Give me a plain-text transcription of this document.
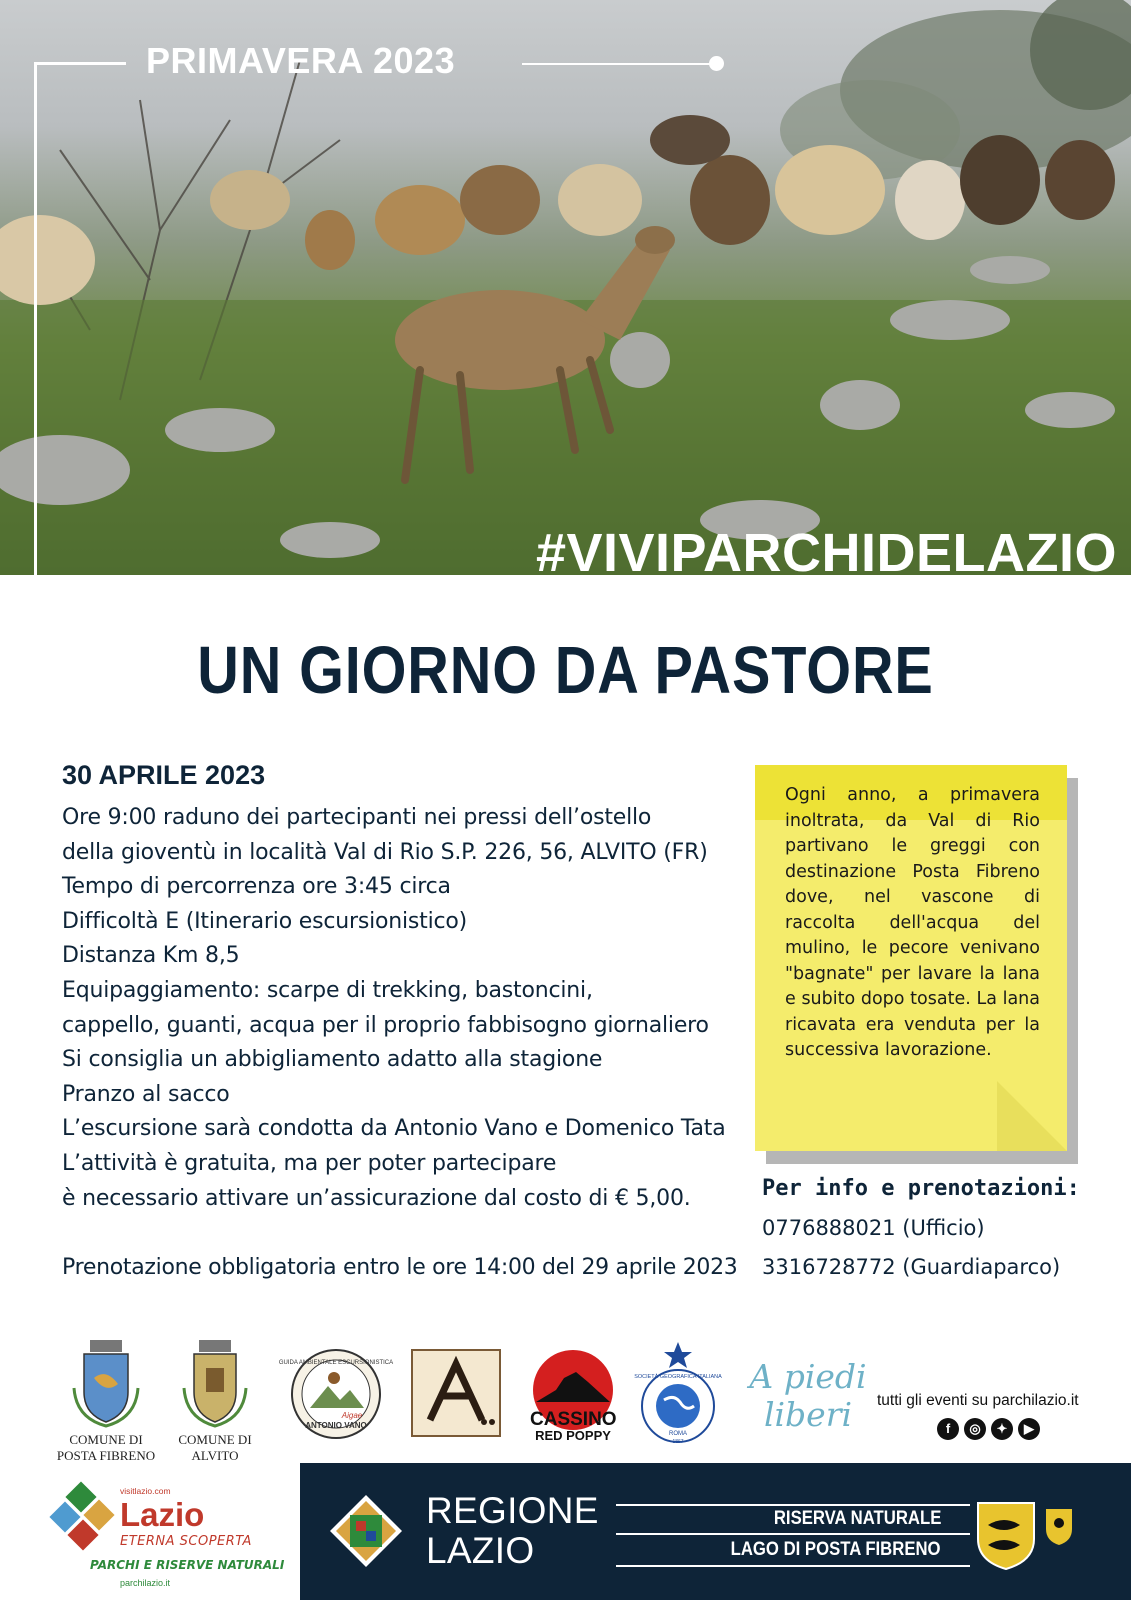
PRIMAVERA 2023
#VIVIPARCHIDELAZIO
UN GIORNO DA PASTORE
30 APRILE 2023
Ore 9:00 raduno dei partecipanti nei pressi dell’ostello
della gioventù in località Val di Rio S.P. 226, 56, ALVITO (FR)
Tempo di percorrenza ore 3:45 circa
Difficoltà E (Itinerario escursionistico)
Distanza Km 8,5
Equipaggiamento: scarpe di trekking, bastoncini,
cappello, guanti, acqua per il proprio fabbisogno giornaliero
Si consiglia un abbigliamento adatto alla stagione
Pranzo al sacco
L’escursione sarà condotta da Antonio Vano e Domenico Tata
L’attività è gratuita, ma per poter partecipare
è necessario attivare un’assicurazione dal costo di € 5,00.
Prenotazione obbligatoria entro le ore 14:00 del 29 aprile 2023

Ogni anno, a primavera inoltrata, da Val di Rio partivano le greggi con destinazione Posta Fibreno dove, nel vascone di raccolta dell'acqua del mulino, le pecore venivano "bagnate" per lavare la lana e subito dopo tosate. La lana ricavata era venduta per la successiva lavorazione.

Per info e prenotazioni:
0776888021 (Ufficio)
3316728772 (Guardiaparco)
COMUNE DI
POSTA FIBRENO
COMUNE DI
ALVITO
GUIDA AMBIENTALE ESCURSIONISTICA
ANTONIO VANO
Aigae	CASSINO
RED POPPY
SOCIETÀ GEOGRAFICA ITALIANA
ROMA
1867
A piedi
liberi	tutti gli eventi su parchilazio.it
f	◎	✦	▶
visitlazio.com
Lazio
ETERNA SCOPERTA
PARCHI E RISERVE NATURALI
parchilazio.it
REGIONE
LAZIO
RISERVA NATURALE
LAGO DI POSTA FIBRENO
